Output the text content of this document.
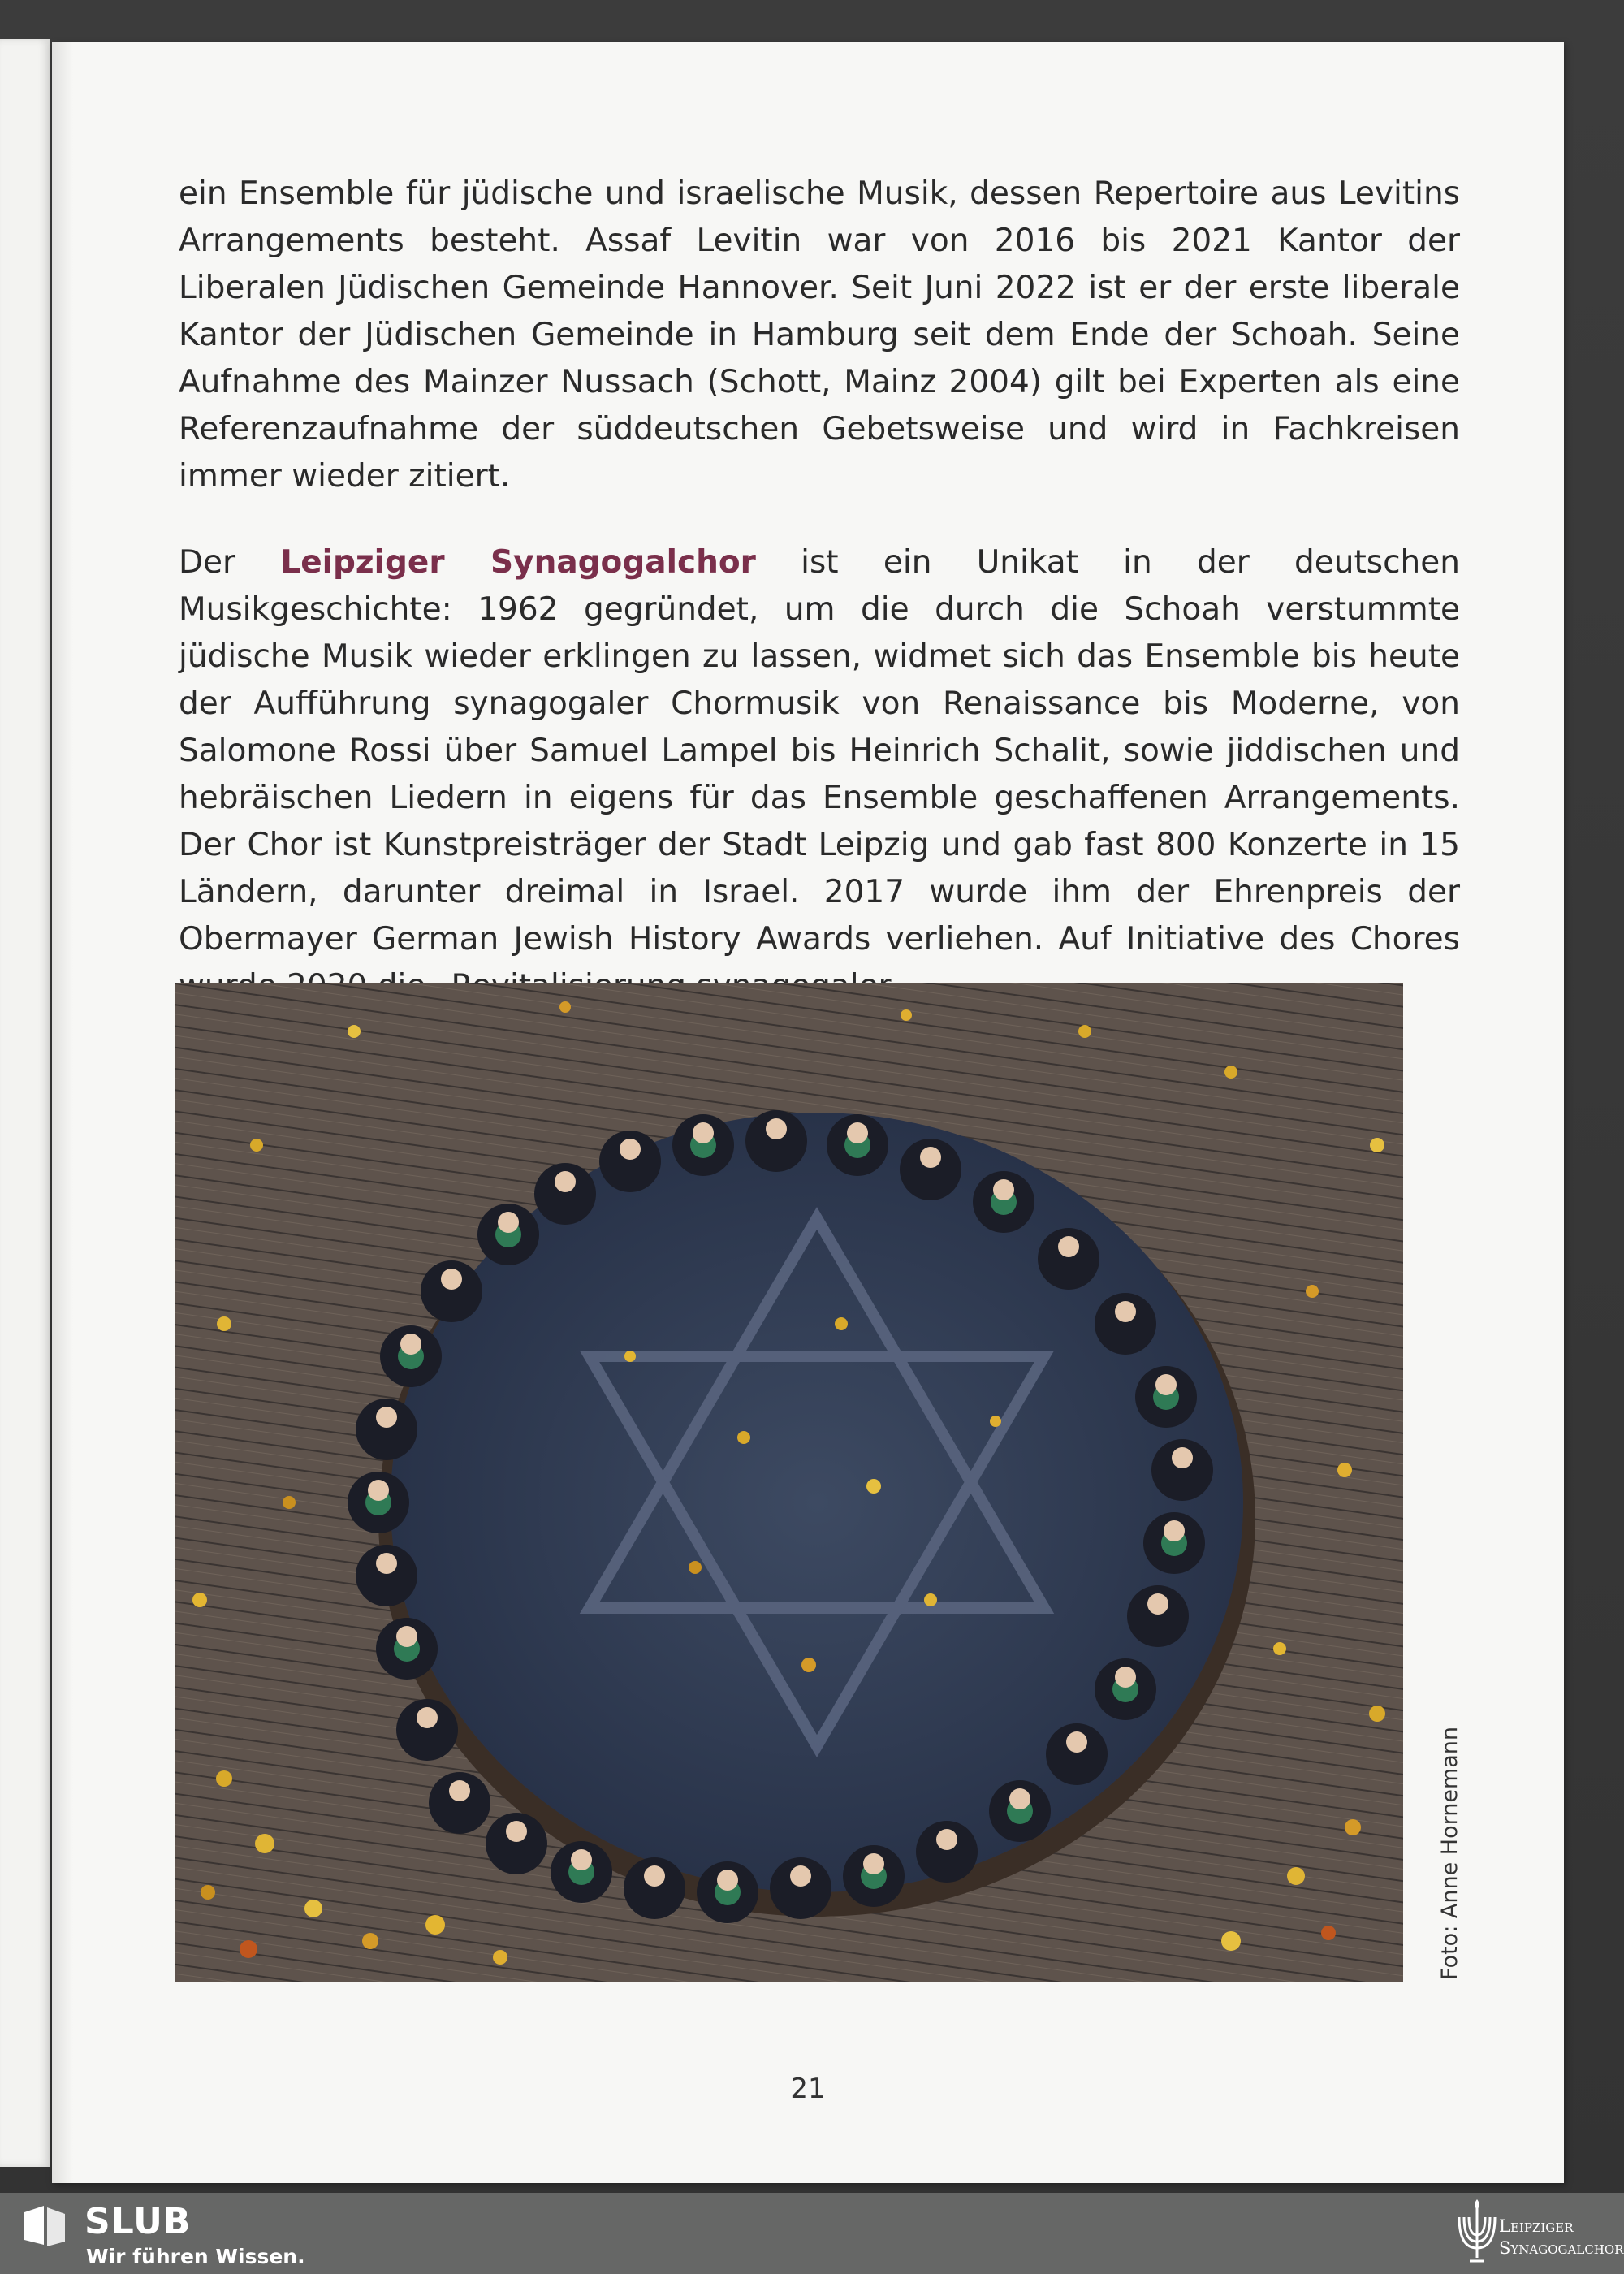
ein Ensemble für jüdische und israelische Musik, dessen Repertoire aus Levitins Arrangements besteht. Assaf Levitin war von 2016 bis 2021 Kantor der Liberalen Jüdischen Gemeinde Hannover. Seit Juni 2022 ist er der erste liberale Kantor der Jüdischen Gemeinde in Hamburg seit dem Ende der Schoah. Seine Aufnahme des Mainzer Nussach (Schott, Mainz 2004) gilt bei Experten als eine Referenzaufnahme der süddeutschen Gebetsweise und wird in Fachkreisen immer wieder zitiert.

Der Leipziger Synagogalchor ist ein Unikat in der deutschen Musikgeschichte: 1962 gegründet, um die durch die Schoah verstummte jüdische Musik wieder erklingen zu lassen, widmet sich das Ensemble bis heute der Aufführung synagogaler Chormusik von Renaissance bis Moderne, von Salomone Rossi über Samuel Lampel bis Heinrich Schalit, sowie jiddischen und hebräischen Liedern in eigens für das Ensemble geschaffenen Arrangements. Der Chor ist Kunstpreisträger der Stadt Leipzig und gab fast 800 Konzerte in 15 Ländern, darunter dreimal in Israel. 2017 wurde ihm der Ehrenpreis der Obermayer German Jewish History Awards verliehen. Auf Initiative des Chores

Foto: Anne Hornemann
21
SLUB
Wir führen Wissen.
Leipziger
Synagogalchor
